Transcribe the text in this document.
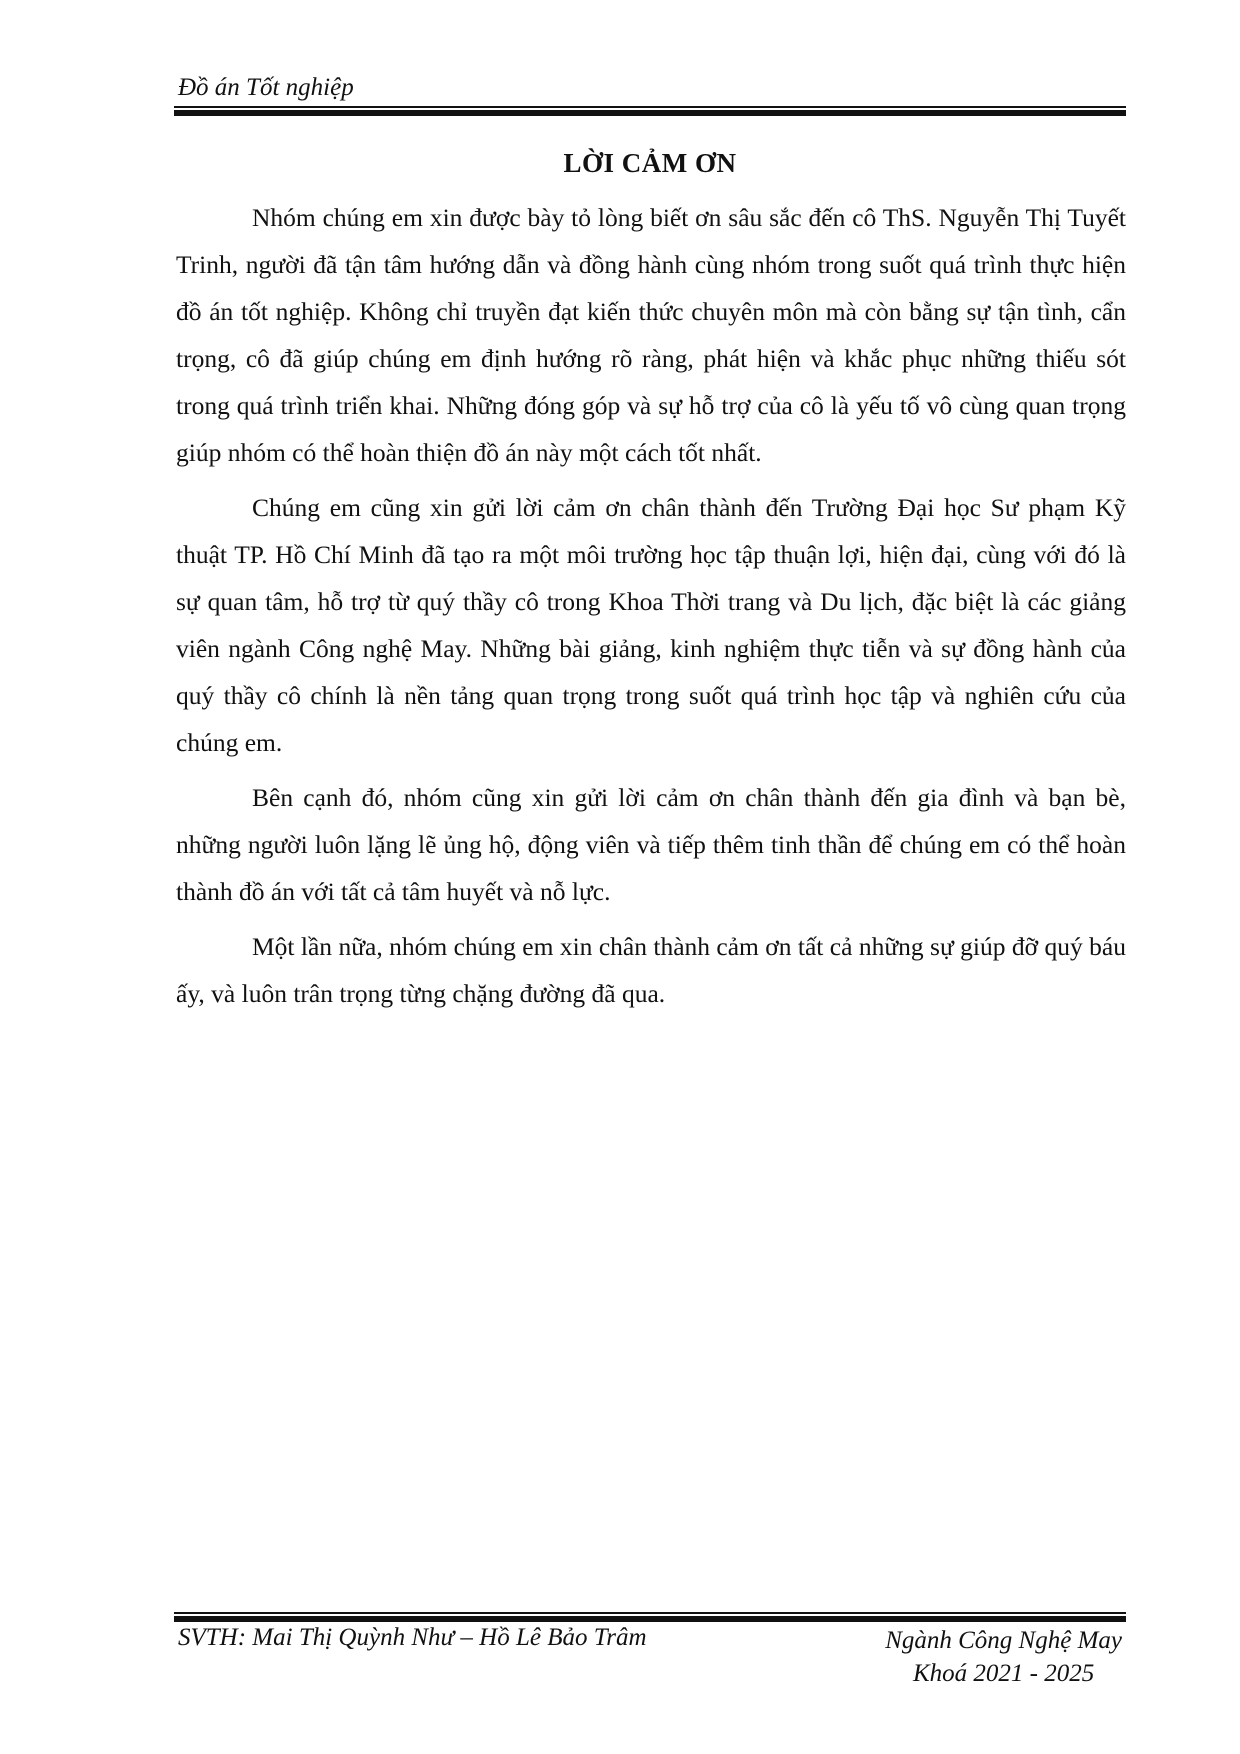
Đồ án Tốt nghiệp
LỜI CẢM ƠN

Nhóm chúng em xin được bày tỏ lòng biết ơn sâu sắc đến cô ThS. Nguyễn Thị Tuyết Trinh, người đã tận tâm hướng dẫn và đồng hành cùng nhóm trong suốt quá trình thực hiện đồ án tốt nghiệp. Không chỉ truyền đạt kiến thức chuyên môn mà còn bằng sự tận tình, cẩn trọng, cô đã giúp chúng em định hướng rõ ràng, phát hiện và khắc phục những thiếu sót trong quá trình triển khai. Những đóng góp và sự hỗ trợ của cô là yếu tố vô cùng quan trọng giúp nhóm có thể hoàn thiện đồ án này một cách tốt nhất.

Chúng em cũng xin gửi lời cảm ơn chân thành đến Trường Đại học Sư phạm Kỹ thuật TP. Hồ Chí Minh đã tạo ra một môi trường học tập thuận lợi, hiện đại, cùng với đó là sự quan tâm, hỗ trợ từ quý thầy cô trong Khoa Thời trang và Du lịch, đặc biệt là các giảng viên ngành Công nghệ May. Những bài giảng, kinh nghiệm thực tiễn và sự đồng hành của quý thầy cô chính là nền tảng quan trọng trong suốt quá trình học tập và nghiên cứu của chúng em.

Bên cạnh đó, nhóm cũng xin gửi lời cảm ơn chân thành đến gia đình và bạn bè, những người luôn lặng lẽ ủng hộ, động viên và tiếp thêm tinh thần để chúng em có thể hoàn thành đồ án với tất cả tâm huyết và nỗ lực.

Một lần nữa, nhóm chúng em xin chân thành cảm ơn tất cả những sự giúp đỡ quý báu ấy, và luôn trân trọng từng chặng đường đã qua.

SVTH: Mai Thị Quỳnh Như – Hồ Lê Bảo Trâm	Ngành Công Nghệ May
Khoá 2021 - 2025
